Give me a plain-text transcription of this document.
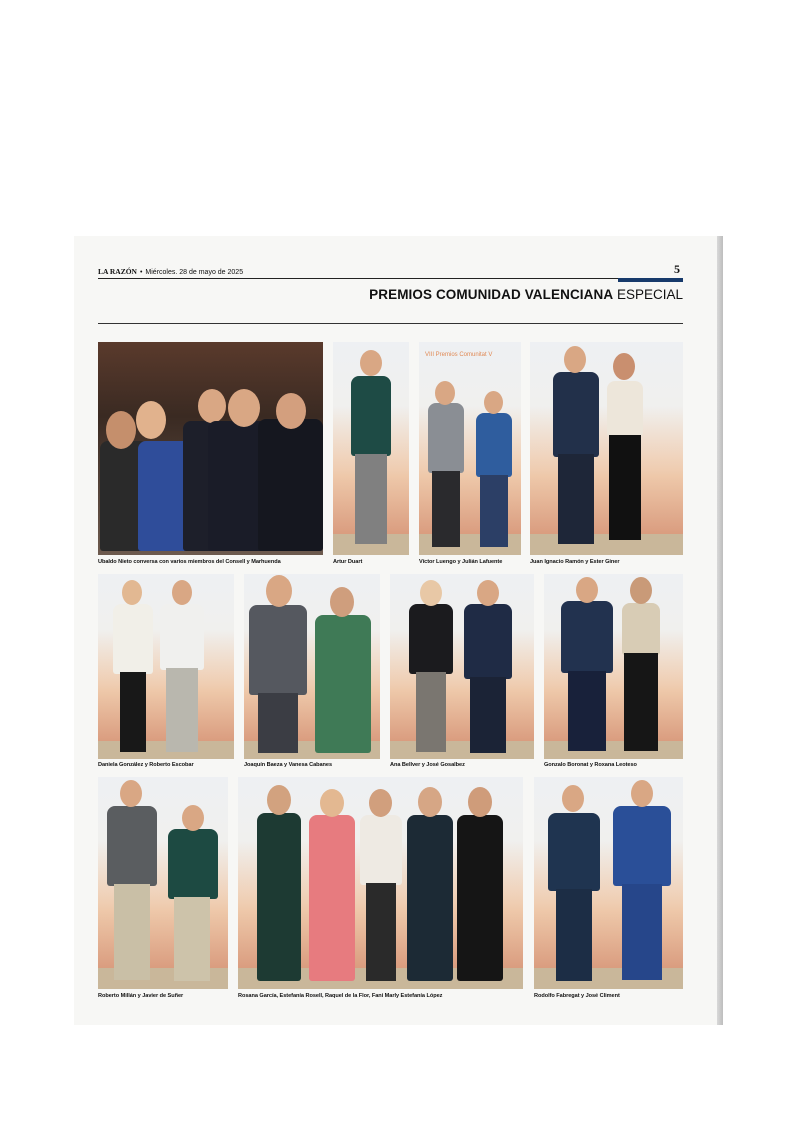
LA RAZÓN • Miércoles. 28 de mayo de 2025	5
PREMIOS COMUNIDAD VALENCIANA ESPECIAL
VIII Premios Comunitat V
Ubaldo Nieto conversa con varios miembros del Consell y Marhuenda	Artur Duart	Víctor Luengo y Julián Lafuente	Juan Ignacio Ramón y Ester Giner
Daniela González y Roberto Escobar	Joaquín Baeza y Vanesa Cabanes	Ana Bellver y José Gosalbez	Gonzalo Boronat y Roxana Leoteso
Roberto Millán y Javier de Suñer	Rosana García, Estefanía Rosell, Raquel de la Flor, Fani Marly Estefanía López	Rodolfo Fabregat y José Climent
